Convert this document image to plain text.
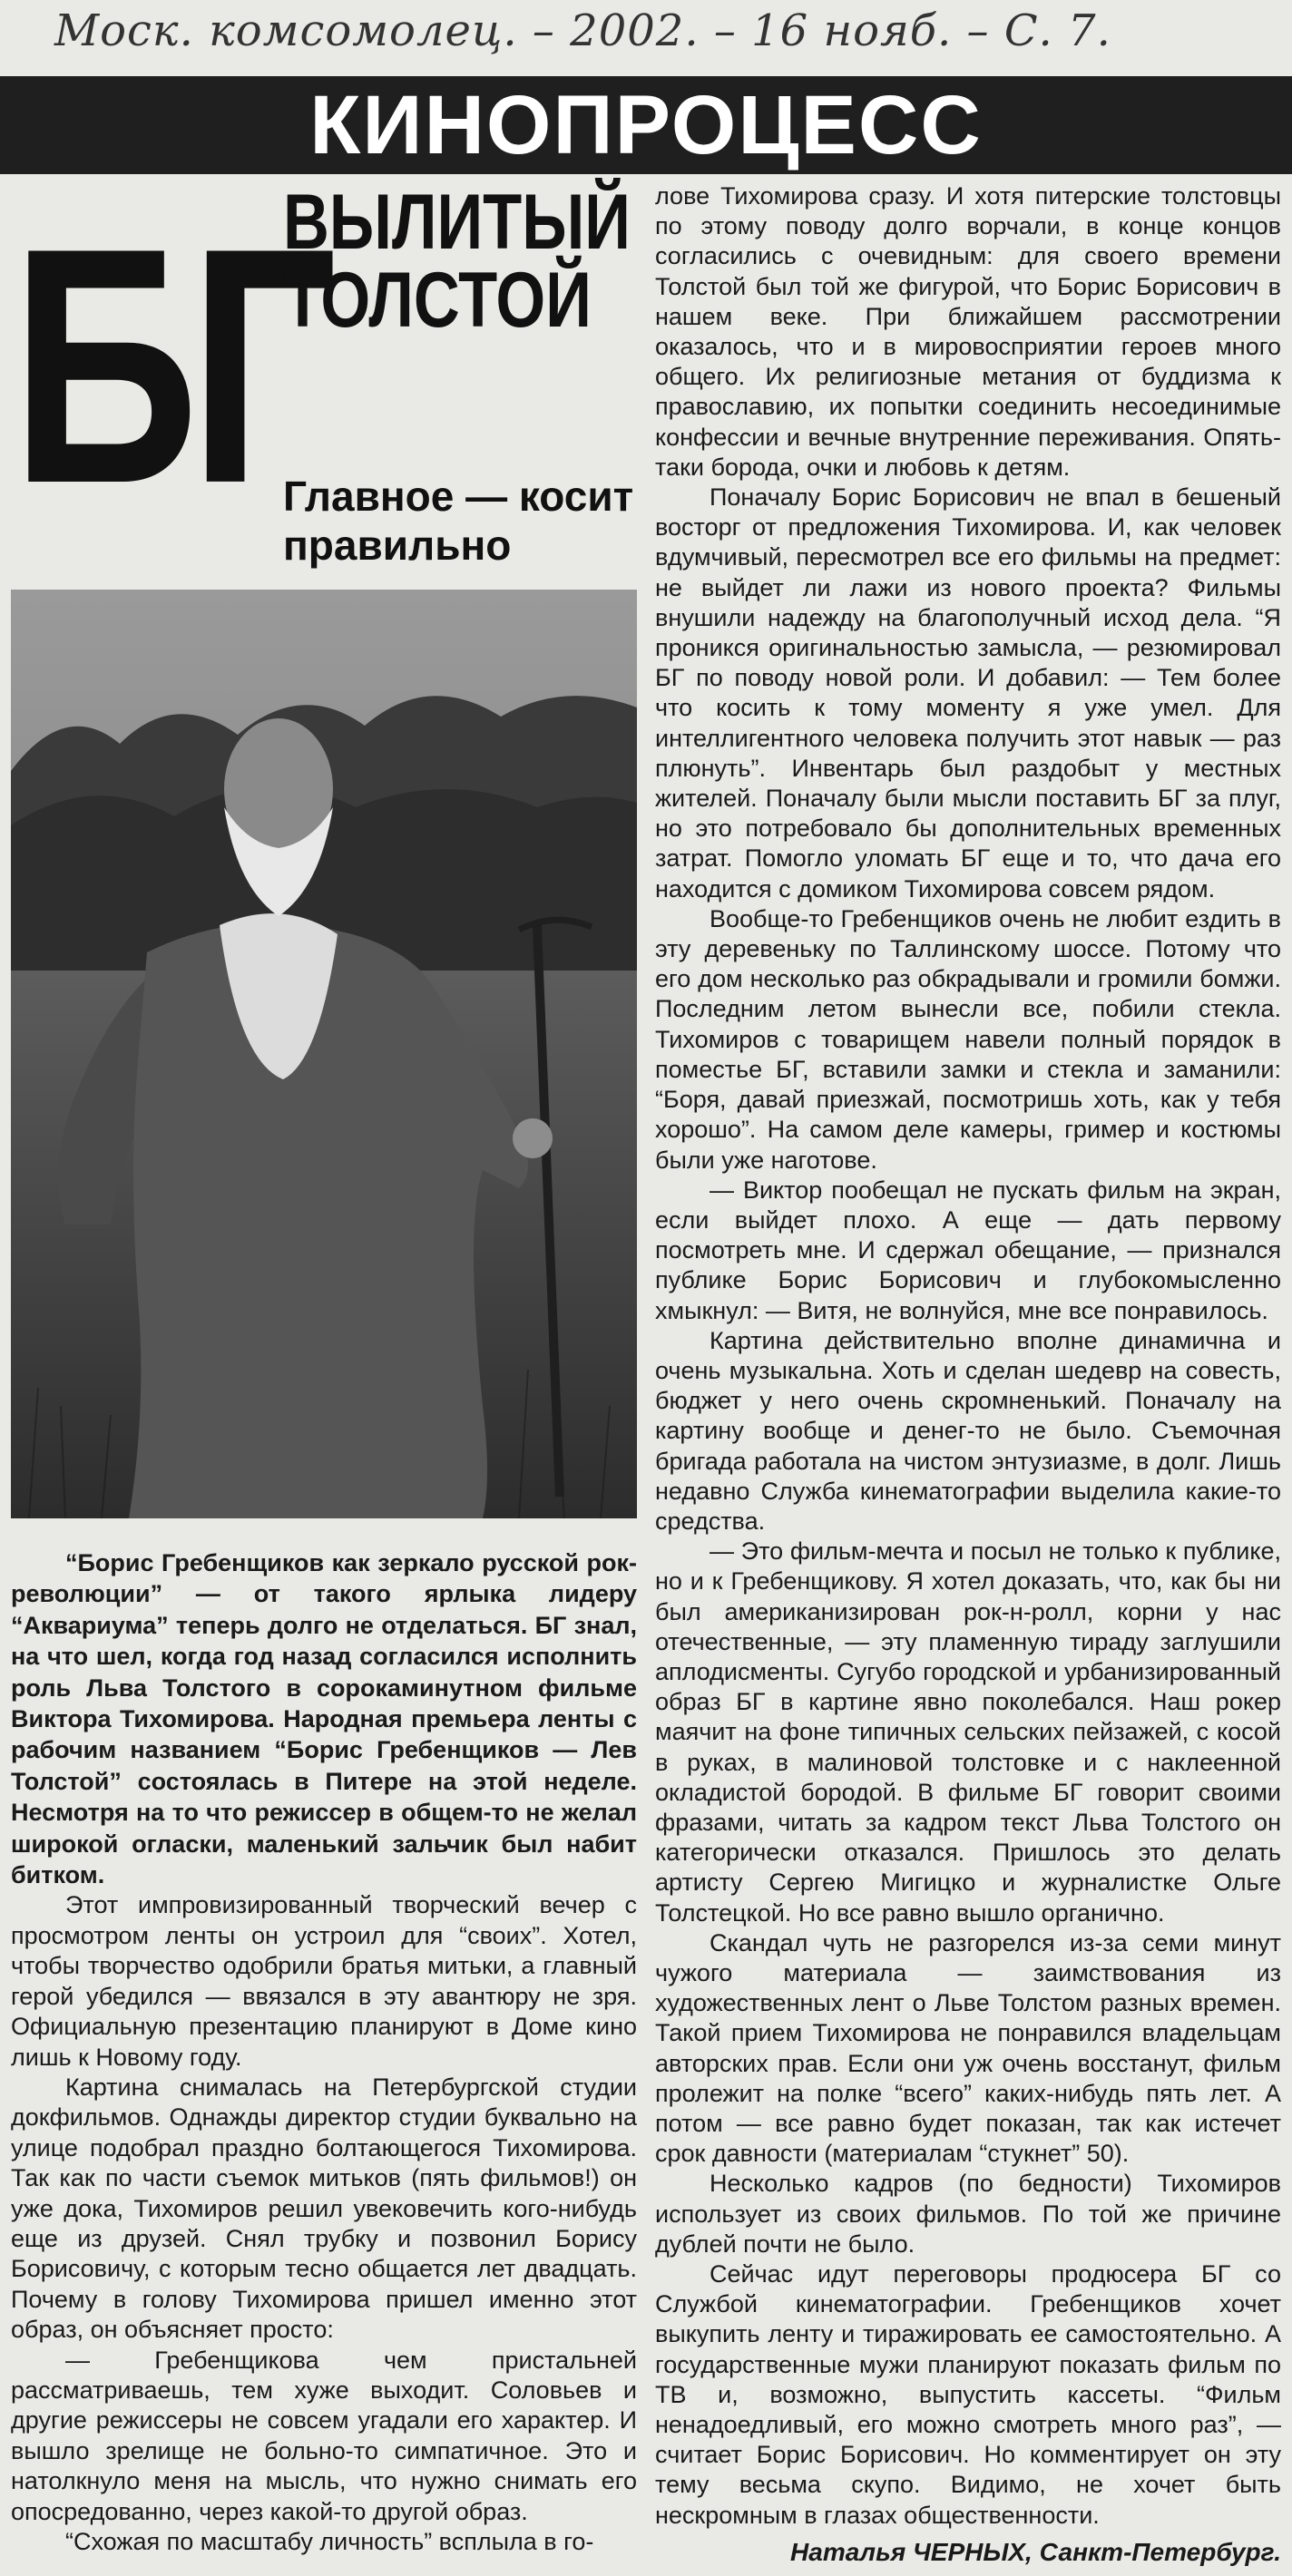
Моск. комсомолец. – 2002. – 16 нояб. – С. 7.
КИНОПРОЦЕСС
БГ
ВЫЛИТЫЙ ТОЛСТОЙ
Главное — косит правильно
“Борис Гребенщиков как зеркало русской рок-революции” — от такого ярлыка лидеру “Аквариума” теперь долго не отделаться. БГ знал, на что шел, когда год назад согласился исполнить роль Льва Толстого в сорокаминутном фильме Виктора Тихомирова. Народная премьера ленты с рабочим названием “Борис Гребенщиков — Лев Толстой” состоялась в Питере на этой неделе. Несмотря на то что режиссер в общем-то не желал широкой огласки, маленький зальчик был набит битком.

Этот импровизированный творческий вечер с просмотром ленты он устроил для “своих”. Хотел, чтобы творчество одобрили братья митьки, а главный герой убедился — ввязался в эту авантюру не зря. Официальную презентацию планируют в Доме кино лишь к Новому году.

Картина снималась на Петербургской студии докфильмов. Однажды директор студии буквально на улице подобрал праздно болтающегося Тихомирова. Так как по части съемок митьков (пять фильмов!) он уже дока, Тихомиров решил увековечить кого-нибудь еще из друзей. Снял трубку и позвонил Борису Борисовичу, с которым тесно общается лет двадцать. Почему в голову Тихомирова пришел именно этот образ, он объясняет просто:

— Гребенщикова чем пристальней рассматриваешь, тем хуже выходит. Соловьев и другие режиссеры не совсем угадали его характер. И вышло зрелище не больно-то симпатичное. Это и натолкнуло меня на мысль, что нужно снимать его опосредованно, через какой-то другой образ.

“Схожая по масштабу личность” всплыла в го-

лове Тихомирова сразу. И хотя питерские толстовцы по этому поводу долго ворчали, в конце концов согласились с очевидным: для своего времени Толстой был той же фигурой, что Борис Борисович в нашем веке. При ближайшем рассмотрении оказалось, что и в мировосприятии героев много общего. Их религиозные метания от буддизма к православию, их попытки соединить несоединимые конфессии и вечные внутренние переживания. Опять-таки борода, очки и любовь к детям.

Поначалу Борис Борисович не впал в бешеный восторг от предложения Тихомирова. И, как человек вдумчивый, пересмотрел все его фильмы на предмет: не выйдет ли лажи из нового проекта? Фильмы внушили надежду на благополучный исход дела. “Я проникся оригинальностью замысла, — резюмировал БГ по поводу новой роли. И добавил: — Тем более что косить к тому моменту я уже умел. Для интеллигентного человека получить этот навык — раз плюнуть”. Инвентарь был раздобыт у местных жителей. Поначалу были мысли поставить БГ за плуг, но это потребовало бы дополнительных временных затрат. Помогло уломать БГ еще и то, что дача его находится с домиком Тихомирова совсем рядом.

Вообще-то Гребенщиков очень не любит ездить в эту деревеньку по Таллинскому шоссе. Потому что его дом несколько раз обкрадывали и громили бомжи. Последним летом вынесли все, побили стекла. Тихомиров с товарищем навели полный порядок в поместье БГ, вставили замки и стекла и заманили: “Боря, давай приезжай, посмотришь хоть, как у тебя хорошо”. На самом деле камеры, гример и костюмы были уже наготове.

— Виктор пообещал не пускать фильм на экран, если выйдет плохо. А еще — дать первому посмотреть мне. И сдержал обещание, — признался публике Борис Борисович и глубокомысленно хмыкнул: — Витя, не волнуйся, мне все понравилось.

Картина действительно вполне динамична и очень музыкальна. Хоть и сделан шедевр на совесть, бюджет у него очень скромненький. Поначалу на картину вообще и денег-то не было. Съемочная бригада работала на чистом энтузиазме, в долг. Лишь недавно Служба кинематографии выделила какие-то средства.

— Это фильм-мечта и посыл не только к публике, но и к Гребенщикову. Я хотел доказать, что, как бы ни был американизирован рок-н-ролл, корни у нас отечественные, — эту пламенную тираду заглушили аплодисменты. Сугубо городской и урбанизированный образ БГ в картине явно поколебался. Наш рокер маячит на фоне типичных сельских пейзажей, с косой в руках, в малиновой толстовке и с наклеенной окладистой бородой. В фильме БГ говорит своими фразами, читать за кадром текст Льва Толстого он категорически отказался. Пришлось это делать артисту Сергею Мигицко и журналистке Ольге Толстецкой. Но все равно вышло органично.

Скандал чуть не разгорелся из-за семи минут чужого материала — заимствования из художественных лент о Льве Толстом разных времен. Такой прием Тихомирова не понравился владельцам авторских прав. Если они уж очень восстанут, фильм пролежит на полке “всего” каких-нибудь пять лет. А потом — все равно будет показан, так как истечет срок давности (материалам “стукнет” 50).

Несколько кадров (по бедности) Тихомиров использует из своих фильмов. По той же причине дублей почти не было.

Сейчас идут переговоры продюсера БГ со Службой кинематографии. Гребенщиков хочет выкупить ленту и тиражировать ее самостоятельно. А государственные мужи планируют показать фильм по ТВ и, возможно, выпустить кассеты. “Фильм ненадоедливый, его можно смотреть много раз”, — считает Борис Борисович. Но комментирует он эту тему весьма скупо. Видимо, не хочет быть нескромным в глазах общественности.

Наталья ЧЕРНЫХ, Санкт-Петербург.
